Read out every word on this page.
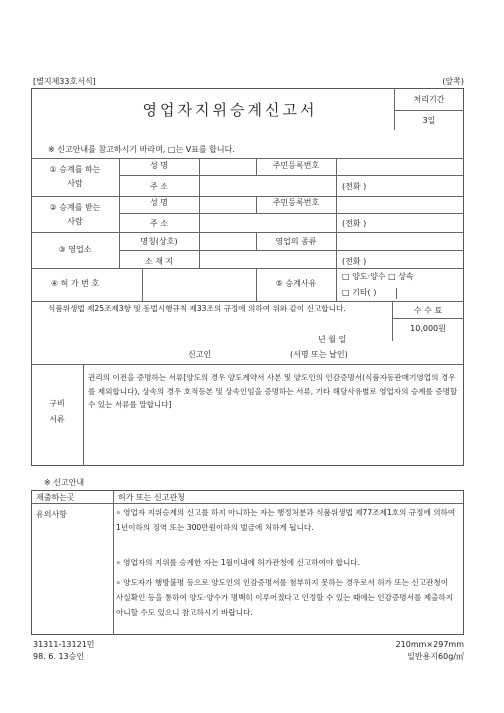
[별지제33호서식]	(앞쪽)
영업자지위승계신고서
처리기간
3일
※ 신고안내를 참고하시기 바라며, □는 V표를 합니다.
① 승계를 하는
사람
성 명	주민등록번호
주 소	(전화 )
② 승계를 받는
사람
성 명	주민등록번호
주 소	(전화 )
③ 영업소
명칭(상호)	영업의 종류
소 재 지	(전화 )
④ 허 가 번 호	⑤ 승계사유
□ 양도·양수 □ 상속
□ 기타( )
식품위생법 제25조제3항 및 동법시행규칙 제33조의 규정에 의하여 위와 같이 신고합니다.	수 수 료
10,000원
년 월 일
신고인	(서명 또는 날인)
구비
서류
권리의 이전을 증명하는 서류[양도의 경우 양도계약서 사본 및 양도인의 인감증명서(식품자동판매기영업의 경우를 제외합니다), 상속의 경우 호적등본 및 상속인임을 증명하는 서류, 기타 해당사유별로 영업자의 승계를 증명할 수 있는 서류를 말합니다]
※ 신고안내
제출하는곳	허가 또는 신고관청
유의사항	∘ 영업자 지위승계의 신고를 하지 아니하는 자는 행정처분과 식품위생법 제77조제1호의 규정에 의하여 1년이하의 징역 또는 300만원이하의 벌금에 처하게 됩니다.
∘ 영업자의 지위를 승계한 자는 1월이내에 허가관청에 신고하여야 합니다.
∘ 양도자가 행방불명 등으로 양도인의 인감증명서를 첨부하지 못하는 경우로서 허가 또는 신고관청이 사실확인 등을 통하여 양도·양수가 명백히 이루어졌다고 인정할 수 있는 때에는 인감증명서를 제출하지 아니할 수도 있으니 참고하시기 바랍니다.
31311-13121민
98. 6. 13승인
210mm×297mm
일반용지60g/㎡
